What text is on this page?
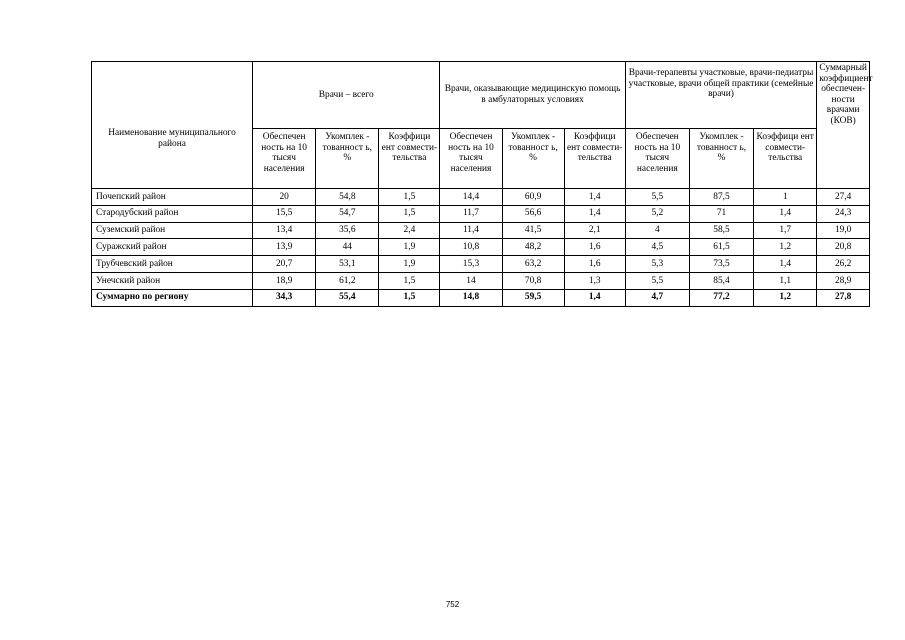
Наименование муниципального района	Врачи – всего			Врачи, оказывающие медицинскую помощь в амбулаторных условиях			Врачи-терапевты участковые, врачи-педиатры участковые, врачи общей практики (семейные врачи)			Суммарный коэффициент обеспечен- ности врачами (КОВ)
	Обеспечен ность на 10 тысяч населения	Укомплек - тованност ь, %	Коэффици ент совмести- тельства	Обеспечен ность на 10 тысяч населения	Укомплек - тованност ь, %	Коэффици ент совмести- тельства	Обеспечен ность на 10 тысяч населения	Укомплек - тованност ь, %	Коэффици ент совмести- тельства	
Почепский район	20	54,8	1,5	14,4	60,9	1,4	5,5	87,5	1	27,4
Стародубский район	15,5	54,7	1,5	11,7	56,6	1,4	5,2	71	1,4	24,3
Суземский район	13,4	35,6	2,4	11,4	41,5	2,1	4	58,5	1,7	19,0
Суражский район	13,9	44	1,9	10,8	48,2	1,6	4,5	61,5	1,2	20,8
Трубчевский район	20,7	53,1	1,9	15,3	63,2	1,6	5,3	73,5	1,4	26,2
Унечский район	18,9	61,2	1,5	14	70,8	1,3	5,5	85,4	1,1	28,9
Суммарно по региону	34,3	55,4	1,5	14,8	59,5	1,4	4,7	77,2	1,2	27,8
752
